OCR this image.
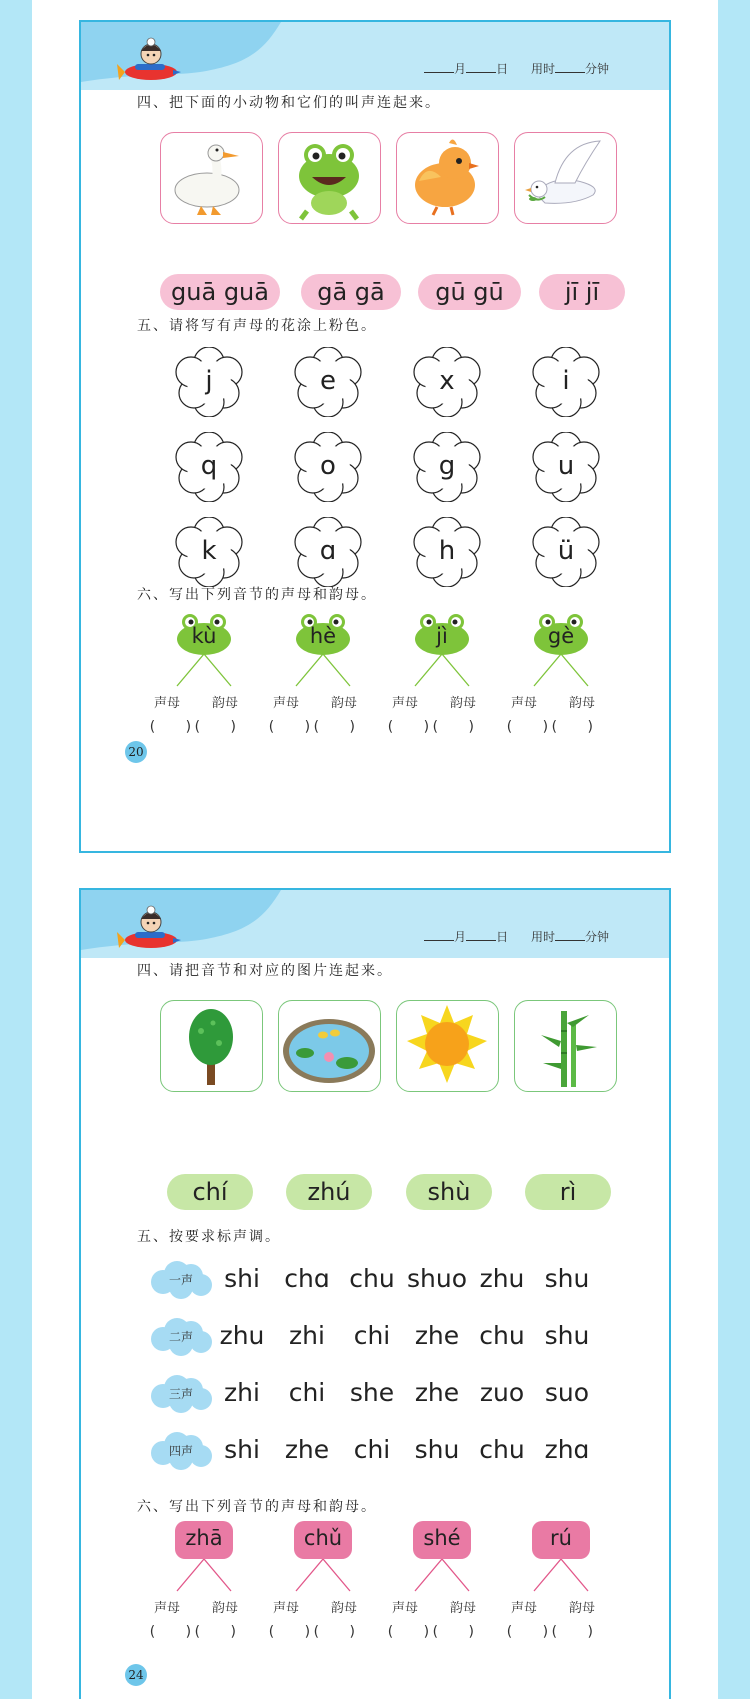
月	日 用时	分钟
四、把下面的小动物和它们的叫声连起来。
guā guā	gā gā	gū gū	jī jī
五、请将写有声母的花涂上粉色。
j	e	x	i
q	o	g	u
k	ɑ	h	ü
六、写出下列音节的声母和韵母。
kù
声母 韵母
(　　)(　　)
hè
声母 韵母
(　　)(　　)
jì
声母 韵母
(　　)(　　)
gè
声母 韵母
(　　)(　　)
20
月	日 用时	分钟
四、请把音节和对应的图片连起来。
chí	zhú	shù	rì
五、按要求标声调。
一声	shi chɑ chu shuo zhu shu
二声	zhu zhi	chi zhe chu shu
三声	zhi	chi she zhe zuo suo
四声	shi zhe chi shu chu zhɑ
六、写出下列音节的声母和韵母。
zhā
声母 韵母
(　　)(　　)
chǔ
声母 韵母
(　　)(　　)
shé
声母 韵母
(　　)(　　)
rú
声母 韵母
(　　)(　　)
24
